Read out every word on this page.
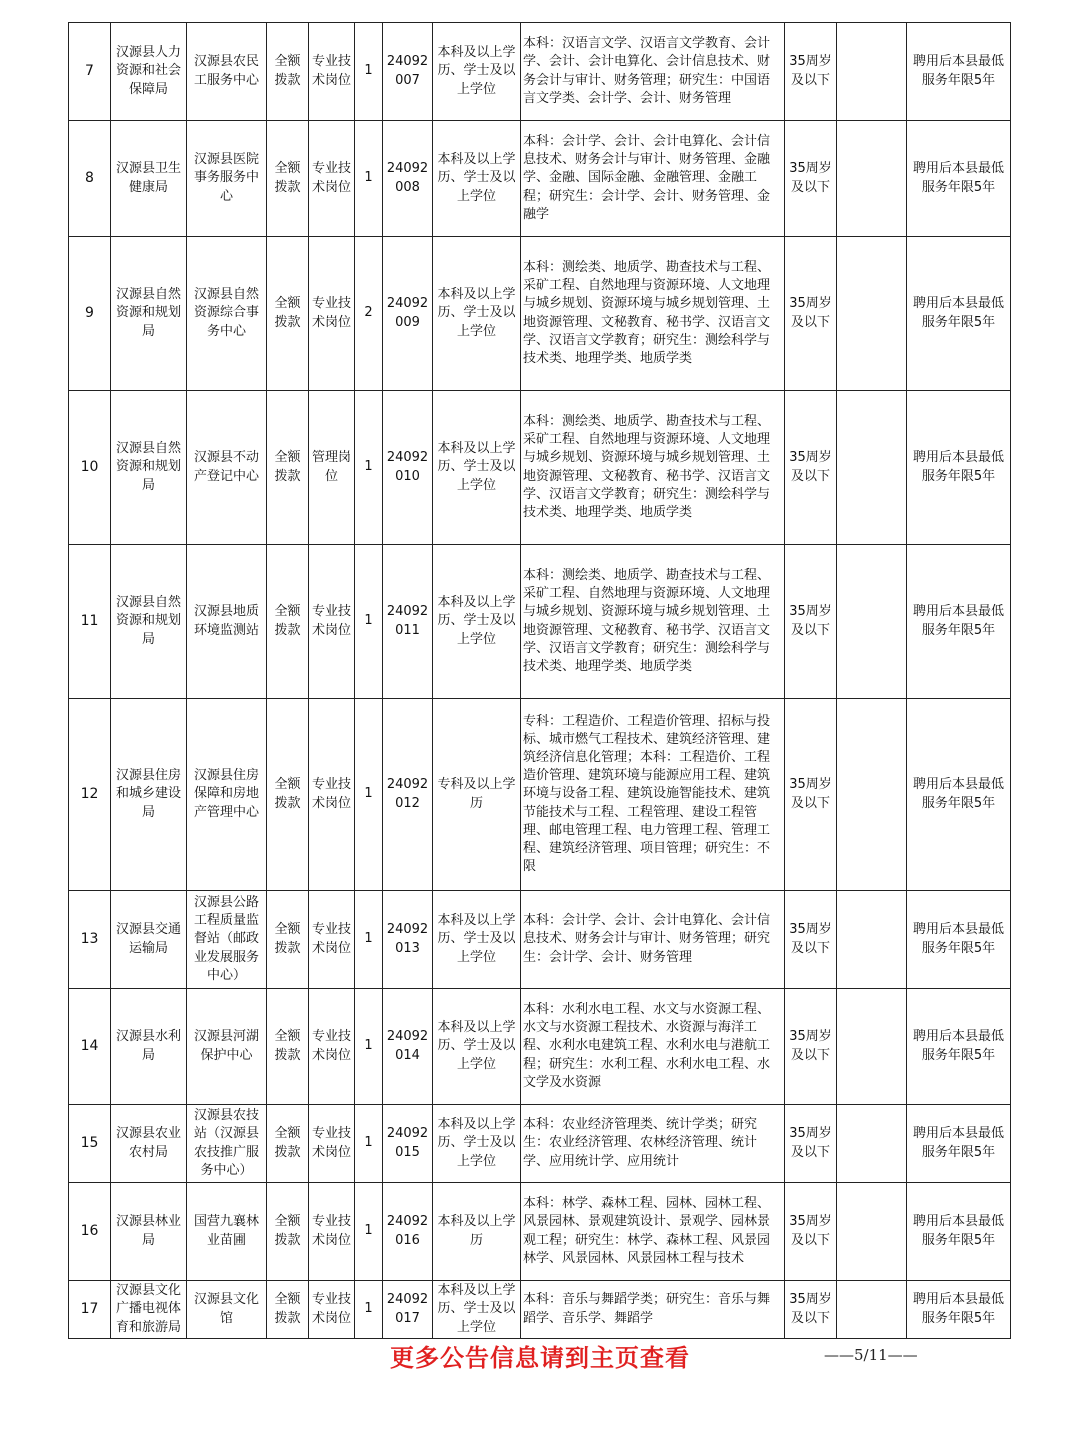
7	汉源县人力资源和社会保障局	汉源县农民工服务中心	全额拨款	专业技术岗位	1	24092007	本科及以上学历、学士及以上学位	本科：汉语言文学、汉语言文学教育、会计学、会计、会计电算化、会计信息技术、财务会计与审计、财务管理；研究生：中国语言文学类、会计学、会计、财务管理	35周岁及以下		聘用后本县最低服务年限5年

8	汉源县卫生健康局	汉源县医院事务服务中心	全额拨款	专业技术岗位	1	24092008	本科及以上学历、学士及以上学位	本科：会计学、会计、会计电算化、会计信息技术、财务会计与审计、财务管理、金融学、金融、国际金融、金融管理、金融工程；研究生：会计学、会计、财务管理、金融学	35周岁及以下		聘用后本县最低服务年限5年

9	汉源县自然资源和规划局	汉源县自然资源综合事务中心	全额拨款	专业技术岗位	2	24092009	本科及以上学历、学士及以上学位	本科：测绘类、地质学、勘查技术与工程、采矿工程、自然地理与资源环境、人文地理与城乡规划、资源环境与城乡规划管理、土地资源管理、文秘教育、秘书学、汉语言文学、汉语言文学教育；研究生：测绘科学与技术类、地理学类、地质学类	35周岁及以下		聘用后本县最低服务年限5年

10	汉源县自然资源和规划局	汉源县不动产登记中心	全额拨款	管理岗位	1	24092010	本科及以上学历、学士及以上学位	本科：测绘类、地质学、勘查技术与工程、采矿工程、自然地理与资源环境、人文地理与城乡规划、资源环境与城乡规划管理、土地资源管理、文秘教育、秘书学、汉语言文学、汉语言文学教育；研究生：测绘科学与技术类、地理学类、地质学类	35周岁及以下		聘用后本县最低服务年限5年

11	汉源县自然资源和规划局	汉源县地质环境监测站	全额拨款	专业技术岗位	1	24092011	本科及以上学历、学士及以上学位	本科：测绘类、地质学、勘查技术与工程、采矿工程、自然地理与资源环境、人文地理与城乡规划、资源环境与城乡规划管理、土地资源管理、文秘教育、秘书学、汉语言文学、汉语言文学教育；研究生：测绘科学与技术类、地理学类、地质学类	35周岁及以下		聘用后本县最低服务年限5年

12	汉源县住房和城乡建设局	汉源县住房保障和房地产管理中心	全额拨款	专业技术岗位	1	24092012	专科及以上学历	专科：工程造价、工程造价管理、招标与投标、城市燃气工程技术、建筑经济管理、建筑经济信息化管理；本科：工程造价、工程造价管理、建筑环境与能源应用工程、建筑环境与设备工程、建筑设施智能技术、建筑节能技术与工程、工程管理、建设工程管理、邮电管理工程、电力管理工程、管理工程、建筑经济管理、项目管理；研究生：不限	35周岁及以下		聘用后本县最低服务年限5年

13	汉源县交通运输局	汉源县公路工程质量监督站（邮政业发展服务中心）	全额拨款	专业技术岗位	1	24092013	本科及以上学历、学士及以上学位	本科：会计学、会计、会计电算化、会计信息技术、财务会计与审计、财务管理；研究生：会计学、会计、财务管理	35周岁及以下		聘用后本县最低服务年限5年

14	汉源县水利局	汉源县河湖保护中心	全额拨款	专业技术岗位	1	24092014	本科及以上学历、学士及以上学位	本科：水利水电工程、水文与水资源工程、水文与水资源工程技术、水资源与海洋工程、水利水电建筑工程、水利水电与港航工程；研究生：水利工程、水利水电工程、水文学及水资源	35周岁及以下		聘用后本县最低服务年限5年

15	汉源县农业农村局	汉源县农技站（汉源县农技推广服务中心）	全额拨款	专业技术岗位	1	24092015	本科及以上学历、学士及以上学位	本科：农业经济管理类、统计学类；研究生：农业经济管理、农林经济管理、统计学、应用统计学、应用统计	35周岁及以下		聘用后本县最低服务年限5年

16	汉源县林业局	国营九襄林业苗圃	全额拨款	专业技术岗位	1	24092016	本科及以上学历	本科：林学、森林工程、园林、园林工程、风景园林、景观建筑设计、景观学、园林景观工程；研究生：林学、森林工程、风景园林学、风景园林、风景园林工程与技术	35周岁及以下		聘用后本县最低服务年限5年

17	汉源县文化广播电视体育和旅游局	汉源县文化馆	全额拨款	专业技术岗位	1	24092017	本科及以上学历、学士及以上学位	本科：音乐与舞蹈学类；研究生：音乐与舞蹈学、音乐学、舞蹈学	35周岁及以下		聘用后本县最低服务年限5年
更多公告信息请到主页查看	——5/11——
